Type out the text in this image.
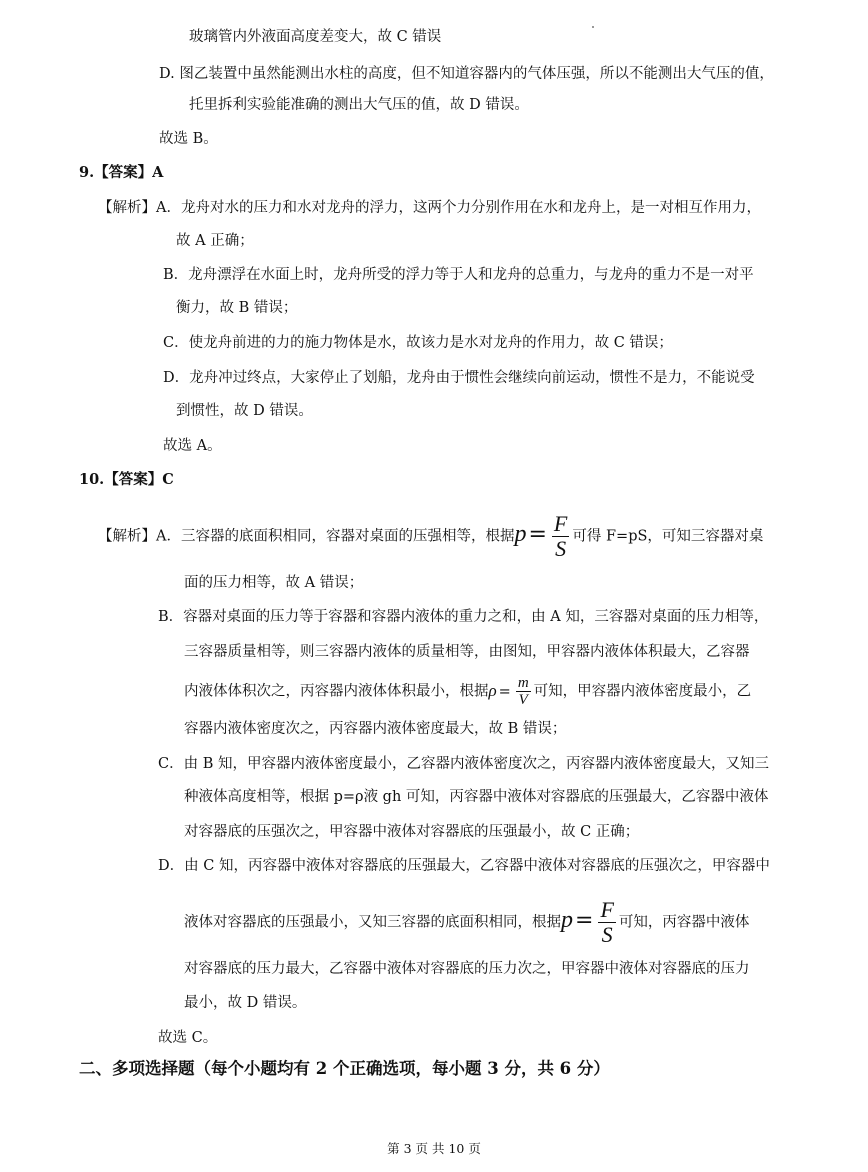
玻璃管内外液面高度差变大，故 C 错误
D. 图乙装置中虽然能测出水柱的高度，但不知道容器内的气体压强，所以不能测出大气压的值，
托里拆利实验能准确的测出大气压的值，故 D 错误。
故选 B。
9.【答案】A
【解析】A．龙舟对水的压力和水对龙舟的浮力，这两个力分别作用在水和龙舟上，是一对相互作用力，
故 A 正确；
B．龙舟漂浮在水面上时，龙舟所受的浮力等于人和龙舟的总重力，与龙舟的重力不是一对平
衡力，故 B 错误；
C．使龙舟前进的力的施力物体是水，故该力是水对龙舟的作用力，故 C 错误；
D．龙舟冲过终点，大家停止了划船，龙舟由于惯性会继续向前运动，惯性不是力，不能说受
到惯性，故 D 错误。
故选 A。
10.【答案】C
【解析】A．三容器的底面积相同，容器对桌面的压强相等，根据$p= \frac{F}{S}$ 可得 F=pS，可知三容器对桌
面的压力相等，故 A 错误；
B．容器对桌面的压力等于容器和容器内液体的重力之和，由 A 知，三容器对桌面的压力相等，
三容器质量相等，则三容器内液体的质量相等，由图知，甲容器内液体体积最大，乙容器
内液体体积次之，丙容器内液体体积最小，根据$\rho = \frac{m}{V}$ 可知，甲容器内液体密度最小，乙
容器内液体密度次之，丙容器内液体密度最大，故 B 错误；
C．由 B 知，甲容器内液体密度最小，乙容器内液体密度次之，丙容器内液体密度最大，又知三
种液体高度相等，根据 p=ρ液 gh 可知，丙容器中液体对容器底的压强最大，乙容器中液体
对容器底的压强次之，甲容器中液体对容器底的压强最小，故 C 正确；
D．由 C 知，丙容器中液体对容器底的压强最大，乙容器中液体对容器底的压强次之，甲容器中
液体对容器底的压强最小，又知三容器的底面积相同，根据$p= \frac{F}{S}$ 可知，丙容器中液体
对容器底的压力最大，乙容器中液体对容器底的压力次之，甲容器中液体对容器底的压力
最小，故 D 错误。
故选 C。
二、多项选择题（每个小题均有 2 个正确选项，每小题 3 分，共 6 分）
第 3 页 共 10 页
